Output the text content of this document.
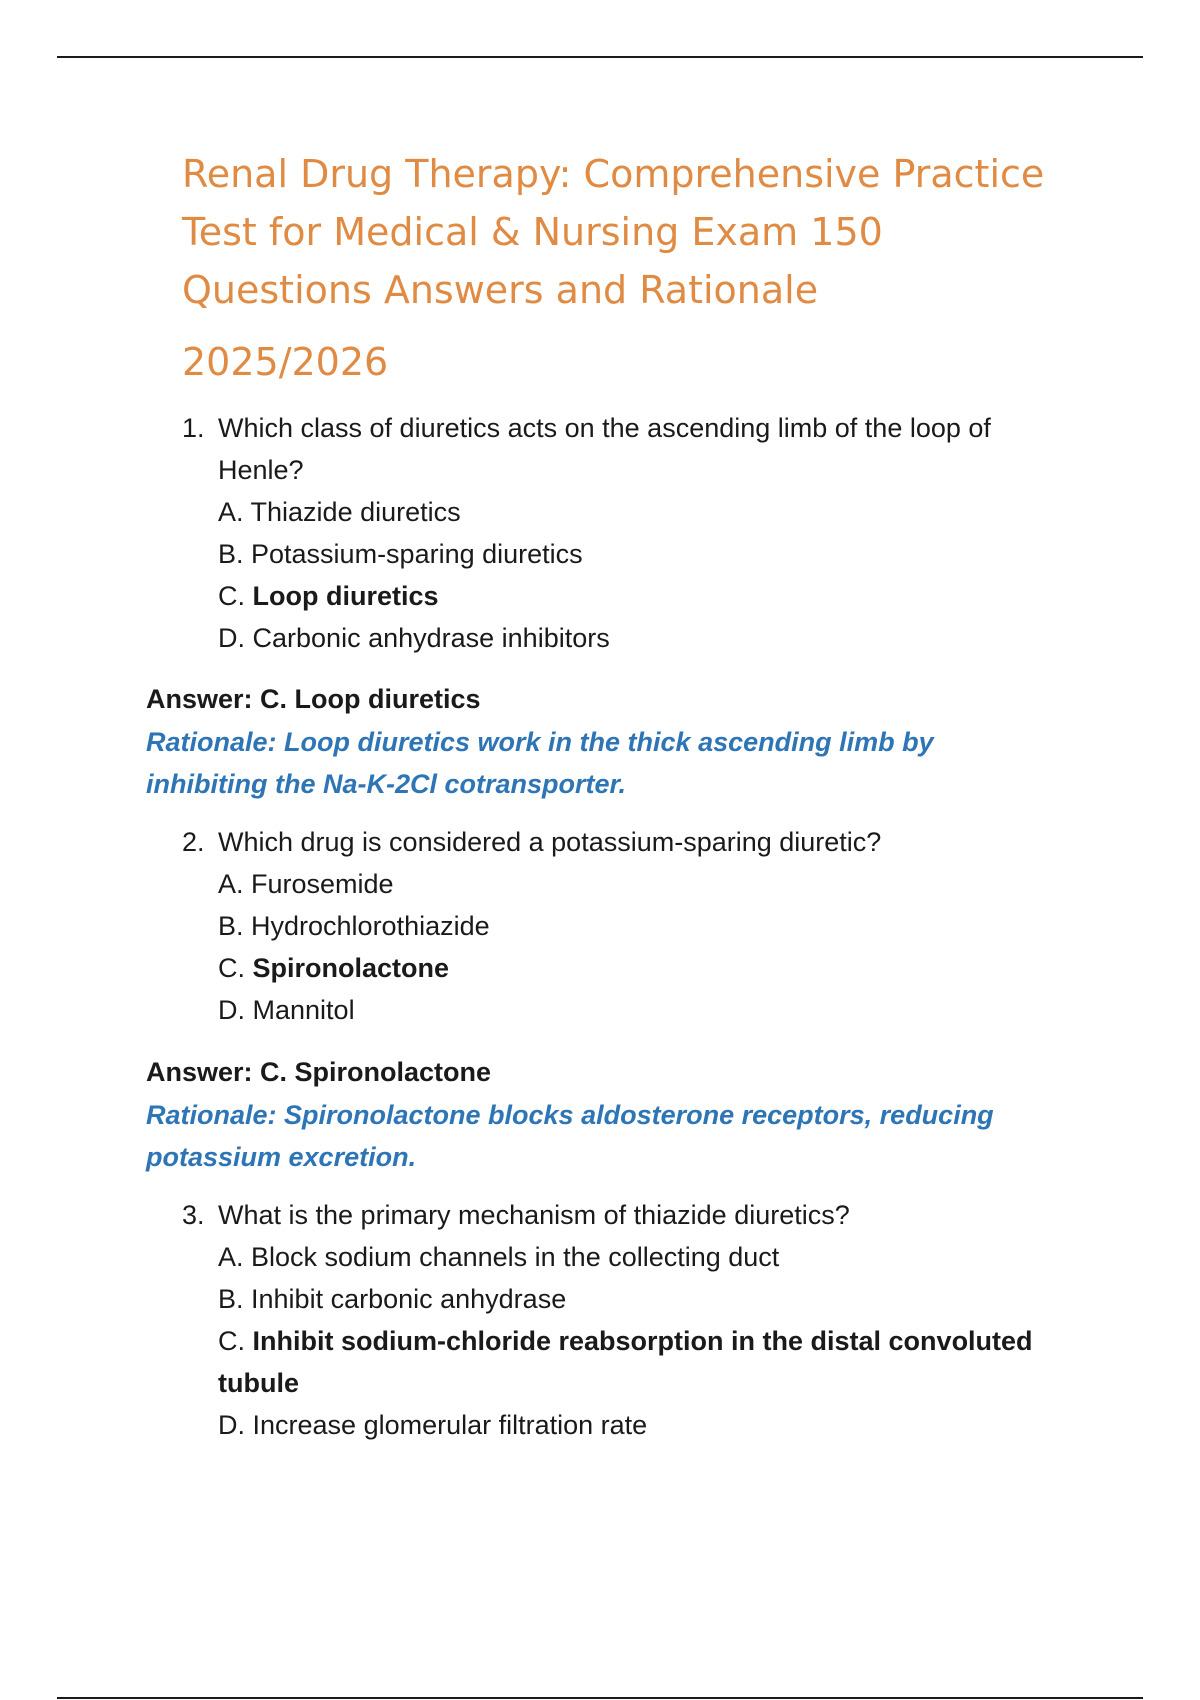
Renal Drug Therapy: Comprehensive Practice
Test for Medical & Nursing Exam 150
Questions Answers and Rationale
2025/2026
1. Which class of diuretics acts on the ascending limb of the loop of
Henle?
A. Thiazide diuretics
B. Potassium-sparing diuretics
C. Loop diuretics
D. Carbonic anhydrase inhibitors
Answer: C. Loop diuretics
Rationale: Loop diuretics work in the thick ascending limb by
inhibiting the Na-K-2Cl cotransporter.
2. Which drug is considered a potassium-sparing diuretic?
A. Furosemide
B. Hydrochlorothiazide
C. Spironolactone
D. Mannitol
Answer: C. Spironolactone
Rationale: Spironolactone blocks aldosterone receptors, reducing
potassium excretion.
3. What is the primary mechanism of thiazide diuretics?
A. Block sodium channels in the collecting duct
B. Inhibit carbonic anhydrase
C. Inhibit sodium-chloride reabsorption in the distal convoluted tubule
D. Increase glomerular filtration rate
